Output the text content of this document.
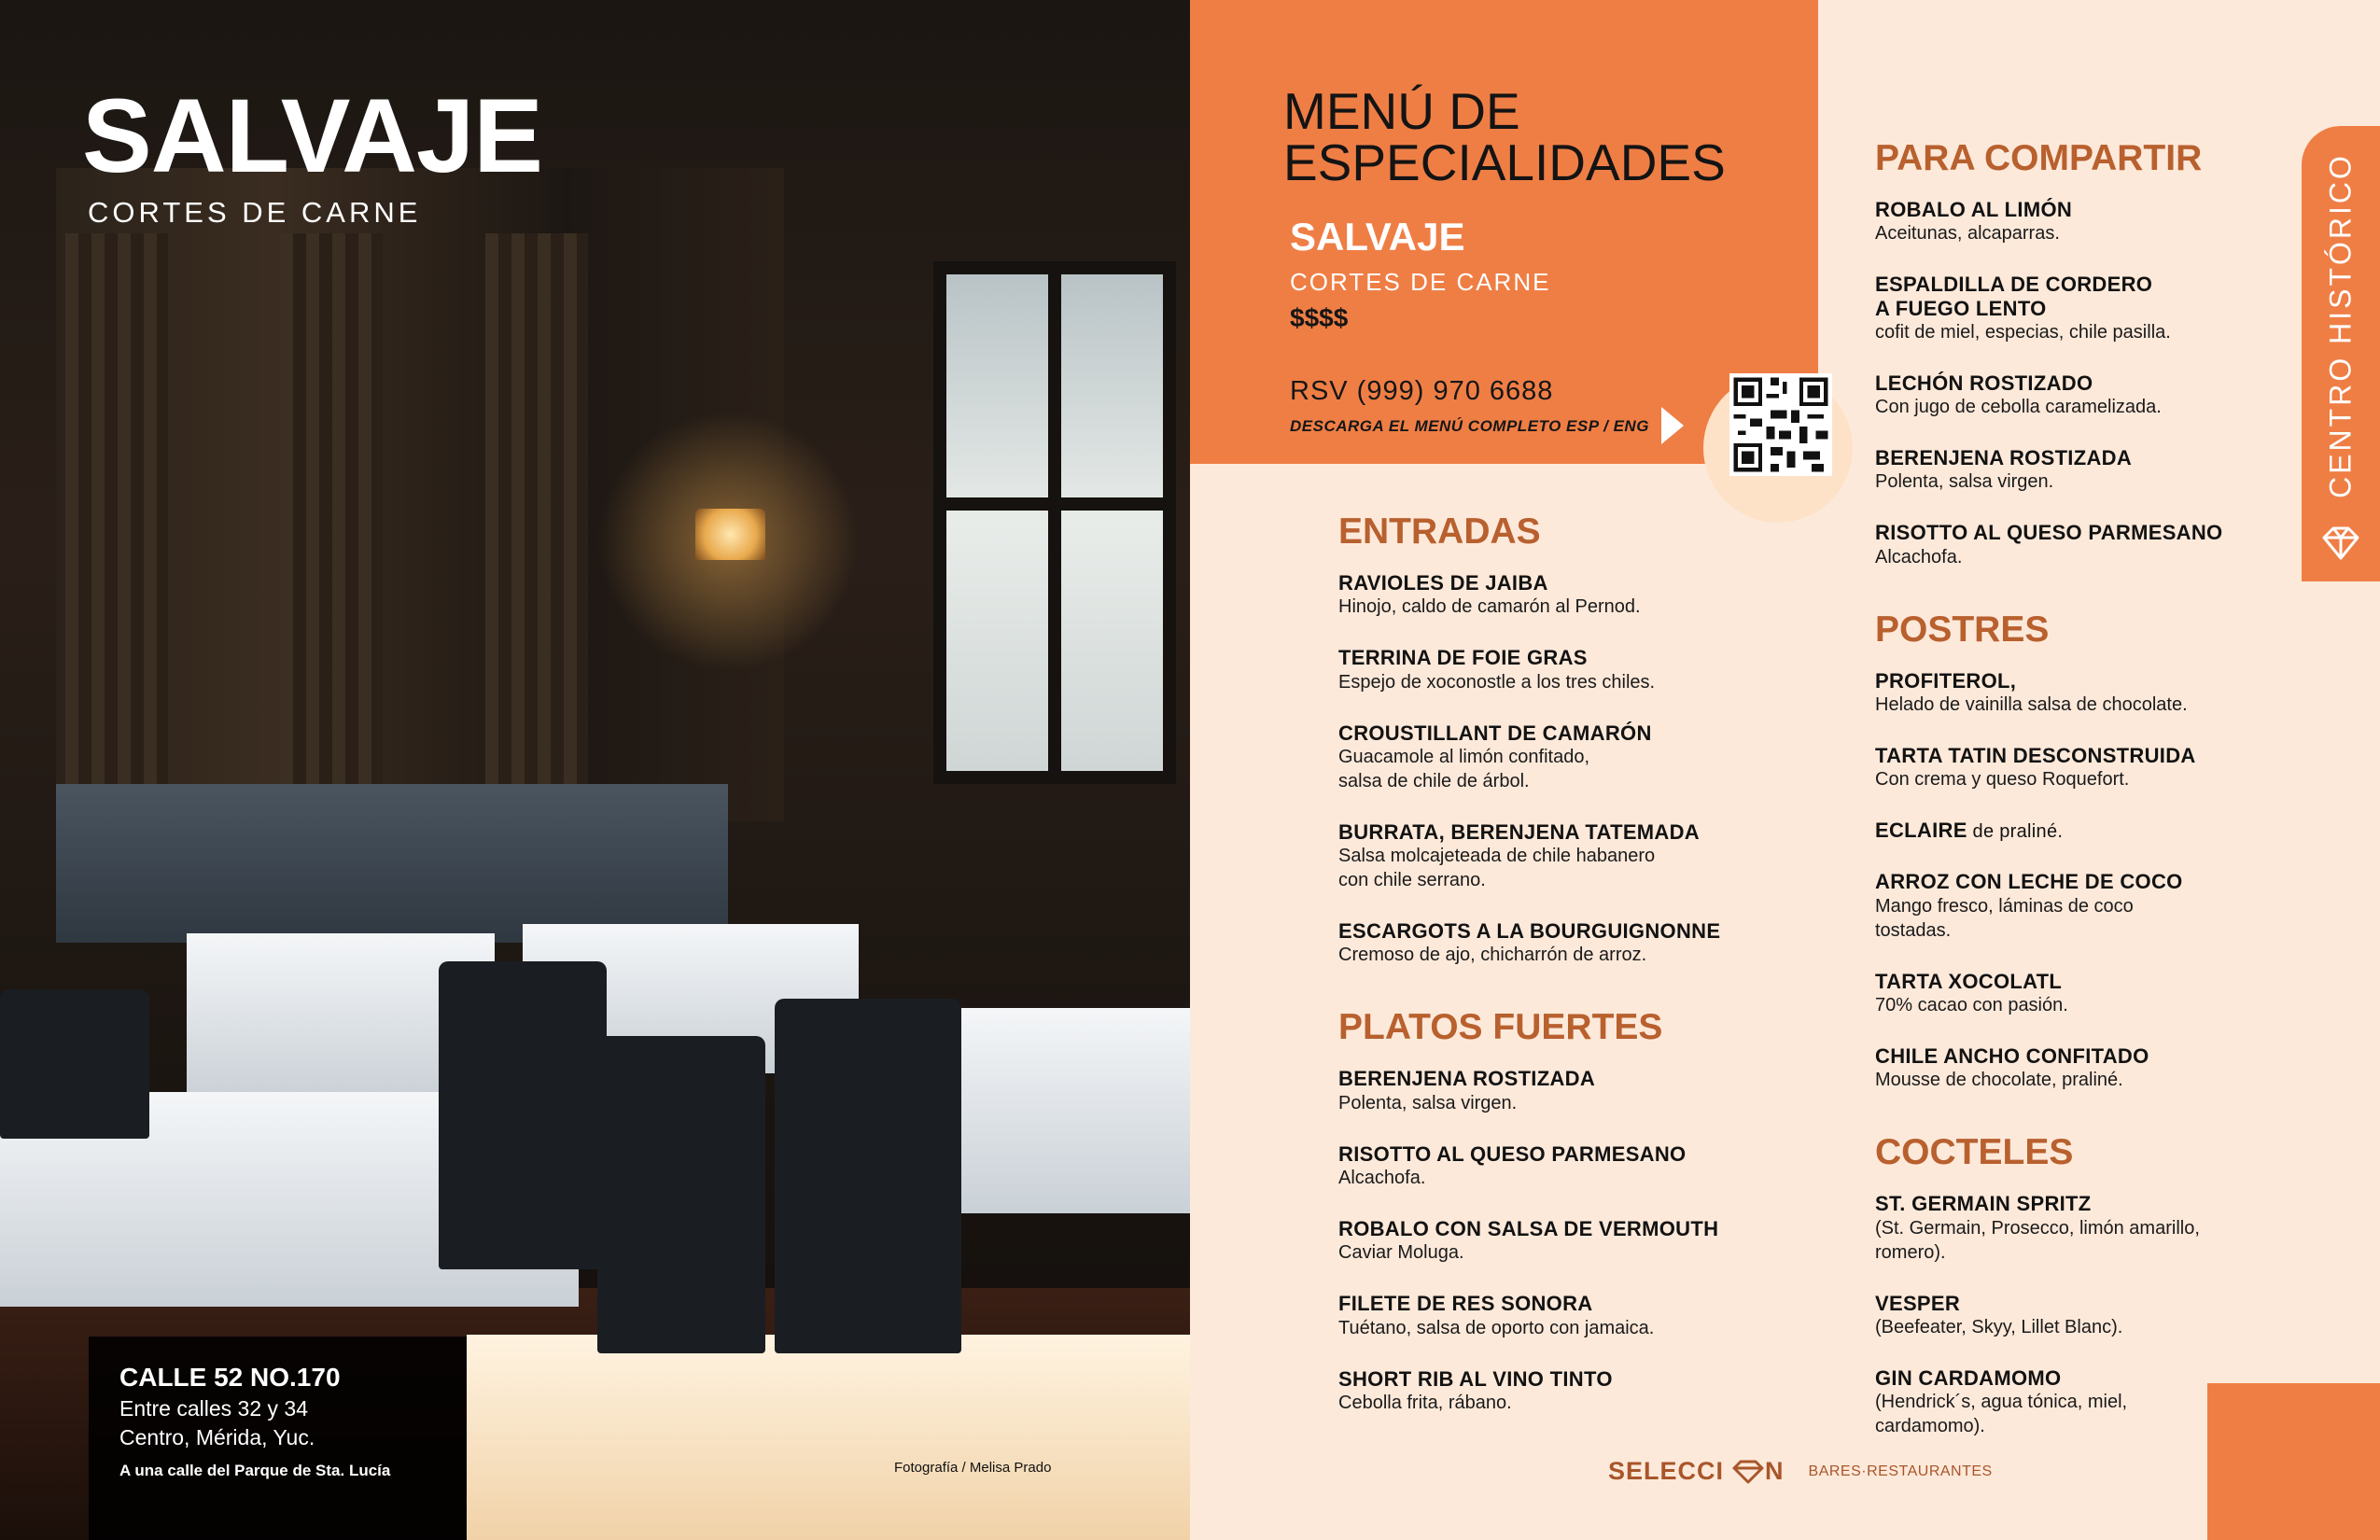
Fotografía / Melisa Prado
SALVAJE
CORTES DE CARNE
CALLE 52 NO.170
Entre calles 32 y 34
Centro, Mérida, Yuc.
A una calle del Parque de Sta. Lucía
MENÚ DE
ESPECIALIDADES
SALVAJE
CORTES DE CARNE
$$$$
RSV (999) 970 6688
DESCARGA EL MENÚ COMPLETO ESP / ENG
ENTRADAS
RAVIOLES DE JAIBA
Hinojo, caldo de camarón al Pernod.
TERRINA DE FOIE GRAS
Espejo de xoconostle a los tres chiles.
CROUSTILLANT DE CAMARÓN
Guacamole al limón confitado,
salsa de chile de árbol.
BURRATA, BERENJENA TATEMADA
Salsa molcajeteada de chile habanero
con chile serrano.
ESCARGOTS A LA BOURGUIGNONNE
Cremoso de ajo, chicharrón de arroz.
PLATOS FUERTES
BERENJENA ROSTIZADA
Polenta, salsa virgen.
RISOTTO AL QUESO PARMESANO
Alcachofa.
ROBALO CON SALSA DE VERMOUTH
Caviar Moluga.
FILETE DE RES SONORA
Tuétano, salsa de oporto con jamaica.
SHORT RIB AL VINO TINTO
Cebolla frita, rábano.
PARA COMPARTIR
ROBALO AL LIMÓN
Aceitunas, alcaparras.
ESPALDILLA DE CORDERO
A FUEGO LENTO
cofit de miel, especias, chile pasilla.
LECHÓN ROSTIZADO
Con jugo de cebolla caramelizada.
BERENJENA ROSTIZADA
Polenta, salsa virgen.
RISOTTO AL QUESO PARMESANO
Alcachofa.
POSTRES
PROFITEROL,
Helado de vainilla salsa de chocolate.
TARTA TATIN DESCONSTRUIDA
Con crema y queso Roquefort.
ECLAIRE de praliné.
ARROZ CON LECHE DE COCO
Mango fresco, láminas de coco
tostadas.
TARTA XOCOLATL
70% cacao con pasión.
CHILE ANCHO CONFITADO
Mousse de chocolate, praliné.
COCTELES
ST. GERMAIN SPRITZ
(St. Germain, Prosecco, limón amarillo,
romero).
VESPER
(Beefeater, Skyy, Lillet Blanc).
GIN CARDAMOMO
(Hendrick´s, agua tónica, miel,
cardamomo).
CENTRO HISTÓRICO
SELECCI N BARES·RESTAURANTES
